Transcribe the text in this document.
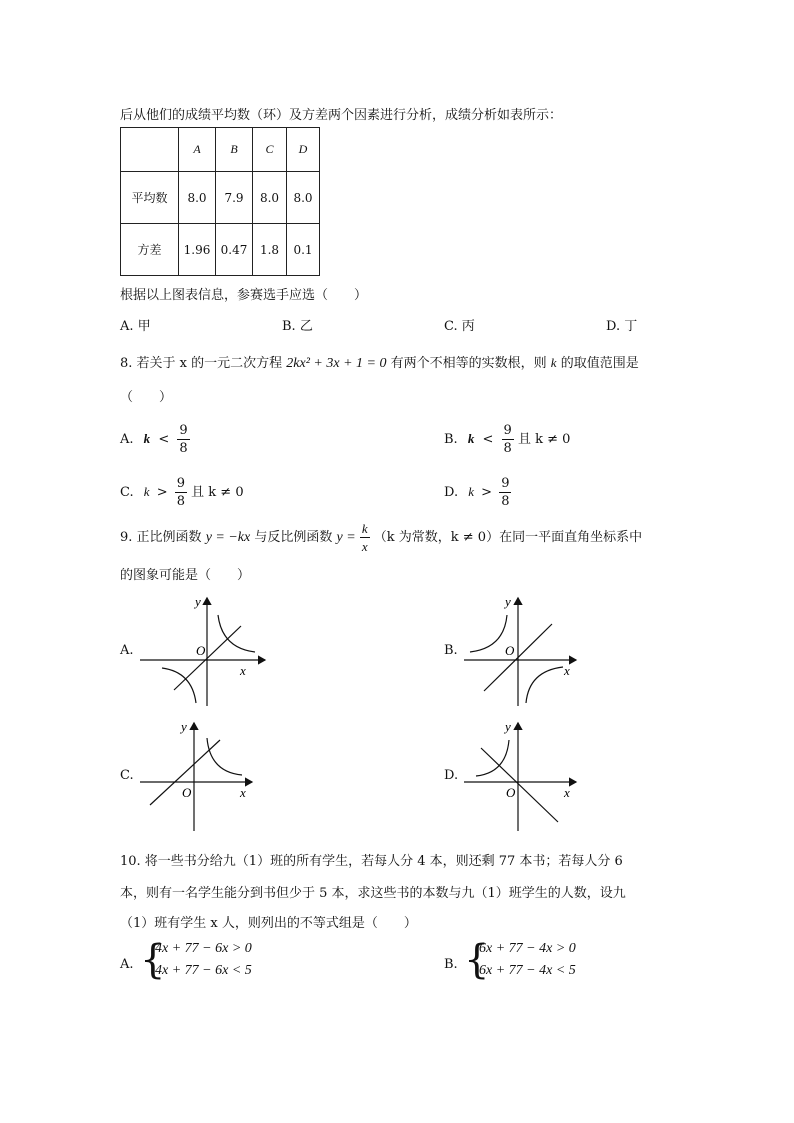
后从他们的成绩平均数（环）及方差两个因素进行分析，成绩分析如表所示：
	A	B	C	D
平均数	8.0	7.9	8.0	8.0
方差	1.96	0.47	1.8	0.1
根据以上图表信息，参赛选手应选（　　）
A. 甲	B. 乙	C. 丙	D. 丁
8. 若关于 x 的一元二次方程 2kx² + 3x + 1 = 0 有两个不相等的实数根，则 k 的取值范围是
（　　）
A. $k < \frac{9}{8}$	B. $k < \frac{9}{8}$ 且 k ≠ 0
C. $k > \frac{9}{8}$ 且 k ≠ 0	D. $k > \frac{9}{8}$
9. 正比例函数 y = −kx 与反比例函数 $y = \frac{k}{x} (k$ 为常数，k ≠ 0）在同一平面直角坐标系中
的图象可能是（　　）
A.
x
y
O	B.
x
y
O
C.
x
y
O
D.
x
y
O
10. 将一些书分给九（1）班的所有学生，若每人分 4 本，则还剩 77 本书；若每人分 6
本，则有一名学生能分到书但少于 5 本，求这些书的本数与九（1）班学生的人数，设九
（1）班有学生 x 人，则列出的不等式组是（　　）
A. {
4x + 77 − 6x > 0
4x + 77 − 6x < 5	B. {
6x + 77 − 4x > 0
6x + 77 − 4x < 5
